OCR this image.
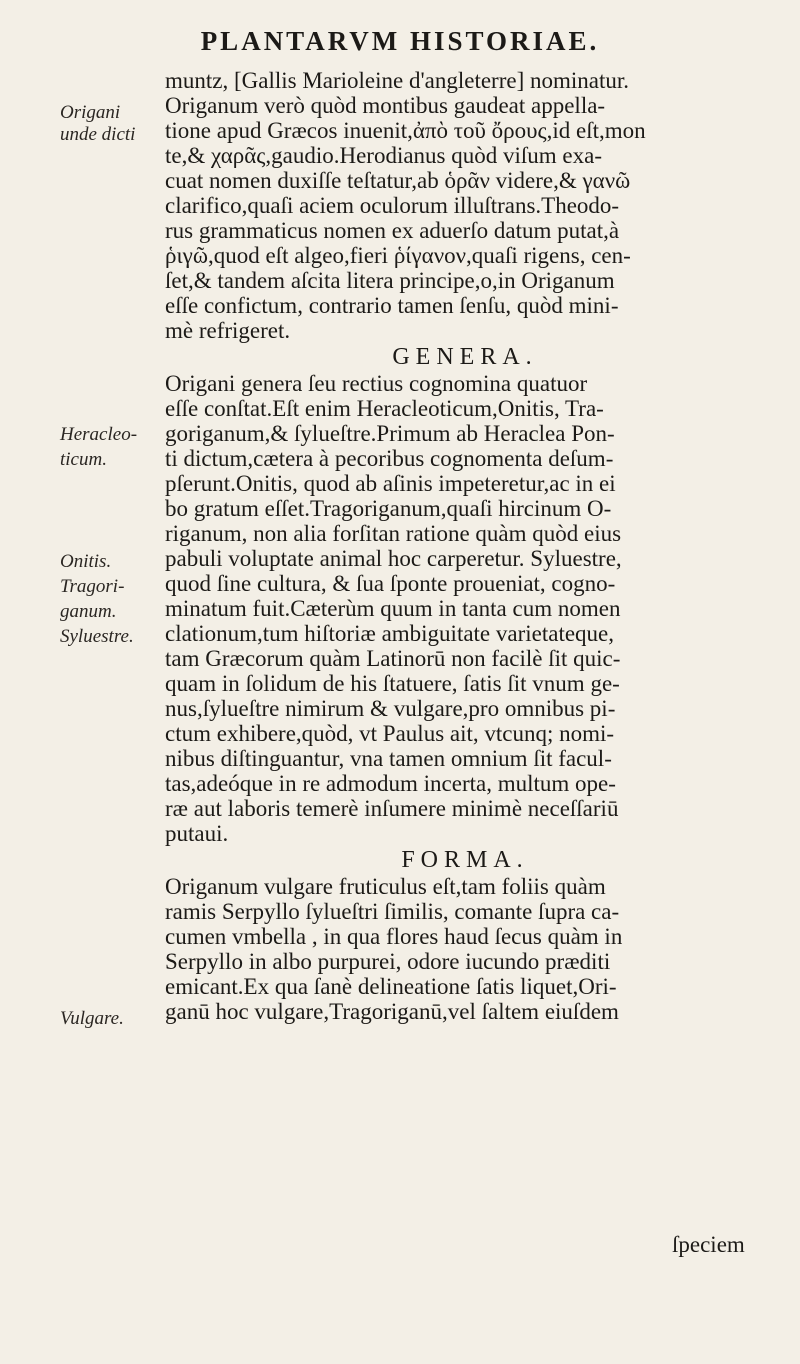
PLANTARVM HISTORIAE.
Origani
unde dicti
Heracleo-
ticum.
Onitis.
Tragori-
ganum.
Syluestre.
Vulgare.
muntz, [Gallis Marioleine d'angleterre] nominatur.
Origanum verò quòd montibus gaudeat appella-
tione apud Græcos inuenit,ἀπὸ τοῦ ὄρους,id eſt,mon
te,& χαρᾶς,gaudio.Herodianus quòd viſum exa-
cuat nomen duxiſſe teſtatur,ab ὁρᾶν videre,& γανῶ
clarifico,quaſi aciem oculorum illuſtrans.Theodo-
rus grammaticus nomen ex aduerſo datum putat,à
ῥιγῶ,quod eſt algeo,fieri ῥίγανον,quaſi rigens, cen-
ſet,& tandem aſcita litera principe,o,in Origanum
eſſe confictum, contrario tamen ſenſu, quòd mini-
mè refrigeret.
GENERA.
Origani genera ſeu rectius cognomina quatuor
eſſe conſtat.Eſt enim Heracleoticum,Onitis, Tra-
goriganum,& ſylueſtre.Primum ab Heraclea Pon-
ti dictum,cætera à pecoribus cognomenta deſum-
pſerunt.Onitis, quod ab aſinis impeteretur,ac in ei
bo gratum eſſet.Tragoriganum,quaſi hircinum O-
riganum, non alia forſitan ratione quàm quòd eius
pabuli voluptate animal hoc carperetur. Syluestre,
quod ſine cultura, & ſua ſponte proueniat, cogno-
minatum fuit.Cæterùm quum in tanta cum nomen
clationum,tum hiſtoriæ ambiguitate varietateque,
tam Græcorum quàm Latinorū non facilè ſit quic-
quam in ſolidum de his ſtatuere, ſatis ſit vnum ge-
nus,ſylueſtre nimirum & vulgare,pro omnibus pi-
ctum exhibere,quòd, vt Paulus ait, vtcunq; nomi-
nibus diſtinguantur, vna tamen omnium ſit facul-
tas,adeóque in re admodum incerta, multum ope-
ræ aut laboris temerè inſumere minimè neceſſariū
putaui.
FORMA.
Origanum vulgare fruticulus eſt,tam foliis quàm
ramis Serpyllo ſylueſtri ſimilis, comante ſupra ca-
cumen vmbella , in qua flores haud ſecus quàm in
Serpyllo in albo purpurei, odore iucundo præditi
emicant.Ex qua ſanè delineatione ſatis liquet,Ori-
ganū hoc vulgare,Tragoriganū,vel ſaltem eiuſdem
ſpeciem
